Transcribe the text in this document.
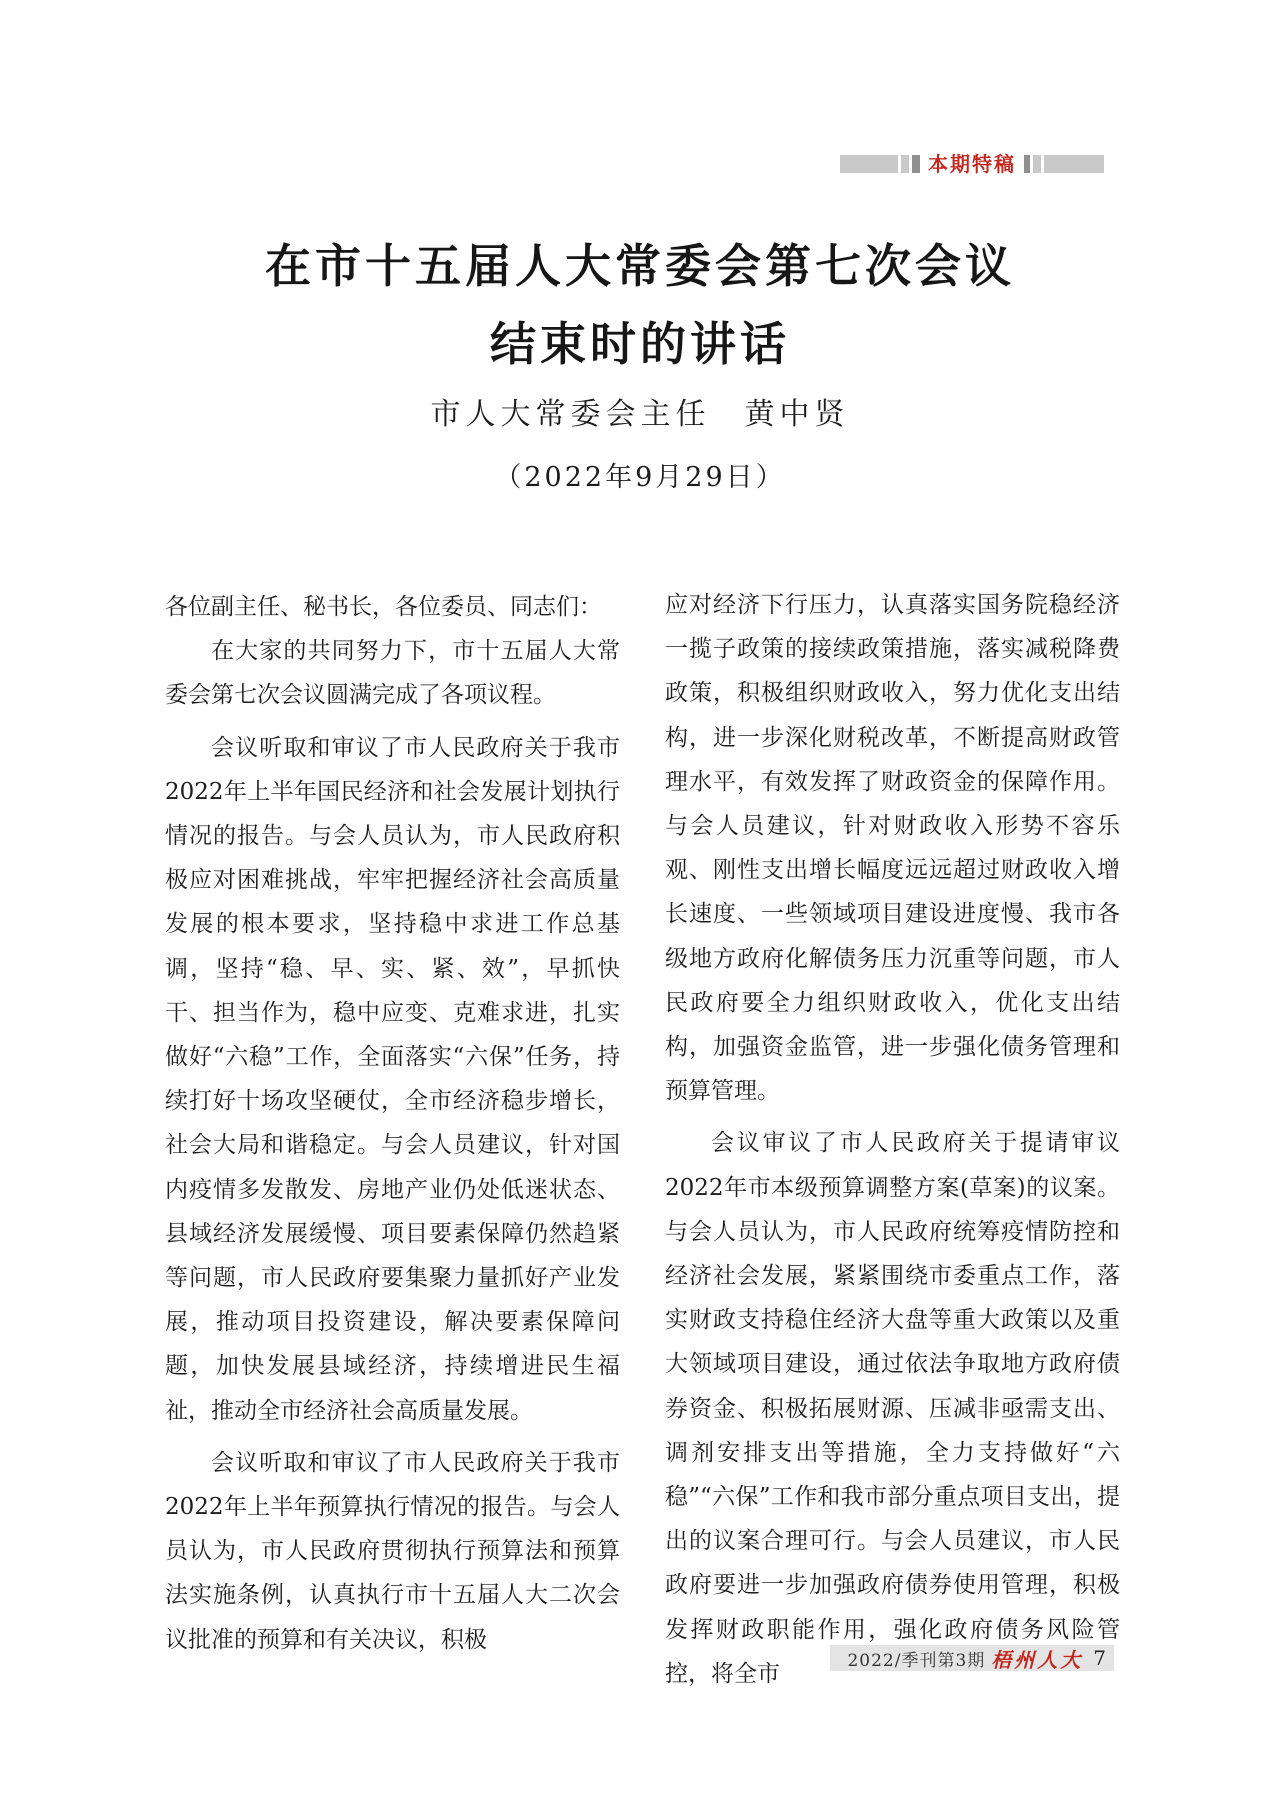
本期特稿
在市十五届人大常委会第七次会议
结束时的讲话
市人大常委会主任 黄中贤
（2022年9月29日）

各位副主任、秘书长，各位委员、同志们：

在大家的共同努力下，市十五届人大常委会第七次会议圆满完成了各项议程。

会议听取和审议了市人民政府关于我市2022年上半年国民经济和社会发展计划执行情况的报告。与会人员认为，市人民政府积极应对困难挑战，牢牢把握经济社会高质量发展的根本要求，坚持稳中求进工作总基调，坚持“稳、早、实、紧、效”，早抓快干、担当作为，稳中应变、克难求进，扎实做好“六稳”工作，全面落实“六保”任务，持续打好十场攻坚硬仗，全市经济稳步增长，社会大局和谐稳定。与会人员建议，针对国内疫情多发散发、房地产业仍处低迷状态、县域经济发展缓慢、项目要素保障仍然趋紧等问题，市人民政府要集聚力量抓好产业发展，推动项目投资建设，解决要素保障问题，加快发展县域经济，持续增进民生福祉，推动全市经济社会高质量发展。

会议听取和审议了市人民政府关于我市2022年上半年预算执行情况的报告。与会人员认为，市人民政府贯彻执行预算法和预算法实施条例，认真执行市十五届人大二次会议批准的预算和有关决议，积极

应对经济下行压力，认真落实国务院稳经济一揽子政策的接续政策措施，落实减税降费政策，积极组织财政收入，努力优化支出结构，进一步深化财税改革，不断提高财政管理水平，有效发挥了财政资金的保障作用。与会人员建议，针对财政收入形势不容乐观、刚性支出增长幅度远远超过财政收入增长速度、一些领域项目建设进度慢、我市各级地方政府化解债务压力沉重等问题，市人民政府要全力组织财政收入，优化支出结构，加强资金监管，进一步强化债务管理和预算管理。

会议审议了市人民政府关于提请审议2022年市本级预算调整方案(草案)的议案。与会人员认为，市人民政府统筹疫情防控和经济社会发展，紧紧围绕市委重点工作，落实财政支持稳住经济大盘等重大政策以及重大领域项目建设，通过依法争取地方政府债券资金、积极拓展财源、压减非亟需支出、调剂安排支出等措施，全力支持做好“六稳”“六保”工作和我市部分重点项目支出，提出的议案合理可行。与会人员建议，市人民政府要进一步加强政府债券使用管理，积极发挥财政职能作用，强化政府债务风险管控，将全市

2022/季刊第3期 梧州人大 7
